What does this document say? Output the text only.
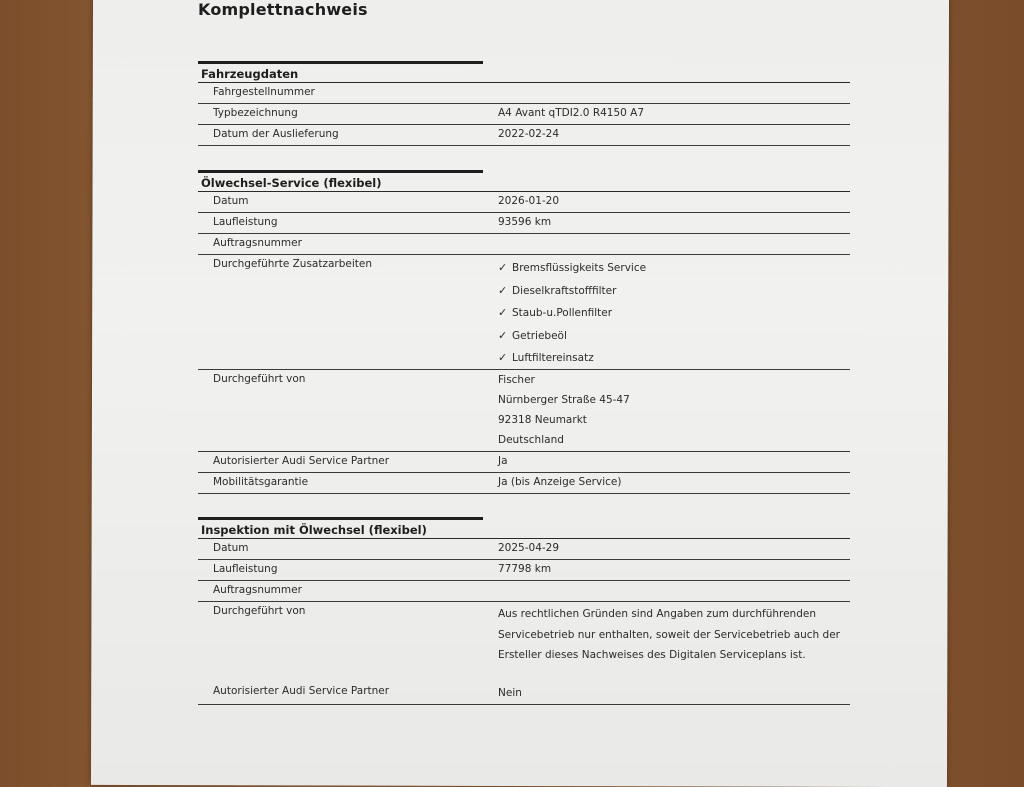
Komplettnachweis
Fahrzeugdaten
Fahrgestellnummer
Typbezeichnung	A4 Avant qTDI2.0 R4150 A7
Datum der Auslieferung	2022-02-24
Ölwechsel-Service (flexibel)
Datum	2026-01-20
Laufleistung	93596 km
Auftragsnummer
Durchgeführte Zusatzarbeiten	✓ Bremsflüssigkeits Service
✓ Dieselkraftstofffilter
✓ Staub-u.Pollenfilter
✓ Getriebeöl
✓ Luftfiltereinsatz
Durchgeführt von	Fischer
Nürnberger Straße 45-47
92318 Neumarkt
Deutschland
Autorisierter Audi Service Partner	Ja
Mobilitätsgarantie	Ja (bis Anzeige Service)
Inspektion mit Ölwechsel (flexibel)
Datum	2025-04-29
Laufleistung	77798 km
Auftragsnummer
Durchgeführt von	Aus rechtlichen Gründen sind Angaben zum durchführenden
Servicebetrieb nur enthalten, soweit der Servicebetrieb auch der
Ersteller dieses Nachweises des Digitalen Serviceplans ist.
Autorisierter Audi Service Partner	Nein
